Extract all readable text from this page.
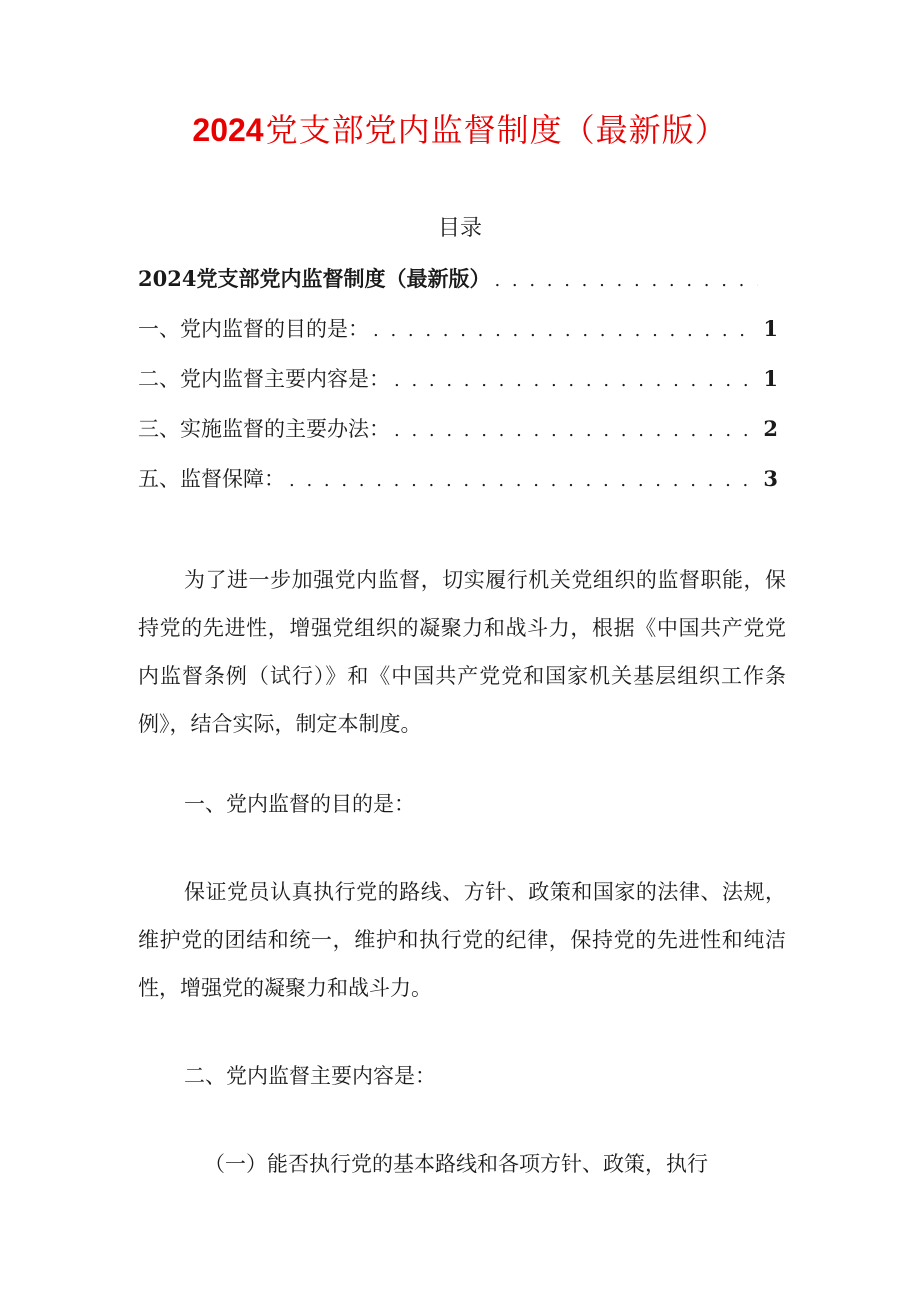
2024党支部党内监督制度（最新版）
目录
2024党支部党内监督制度（最新版）
. . .
一、党内监督的目的是： . . .	1
二、党内监督主要内容是： . . .	1
三、实施监督的主要办法： . . .	2
五、监督保障： . . .	3

为了进一步加强党内监督，切实履行机关党组织的监督职能，保持党的先进性，增强党组织的凝聚力和战斗力，根据《中国共产党党内监督条例（试行）》和《中国共产党党和国家机关基层组织工作条例》，结合实际，制定本制度。

一、党内监督的目的是：

保证党员认真执行党的路线、方针、政策和国家的法律、法规，维护党的团结和统一，维护和执行党的纪律，保持党的先进性和纯洁性，增强党的凝聚力和战斗力。

二、党内监督主要内容是：

（一）能否执行党的基本路线和各项方针、政策，执行
